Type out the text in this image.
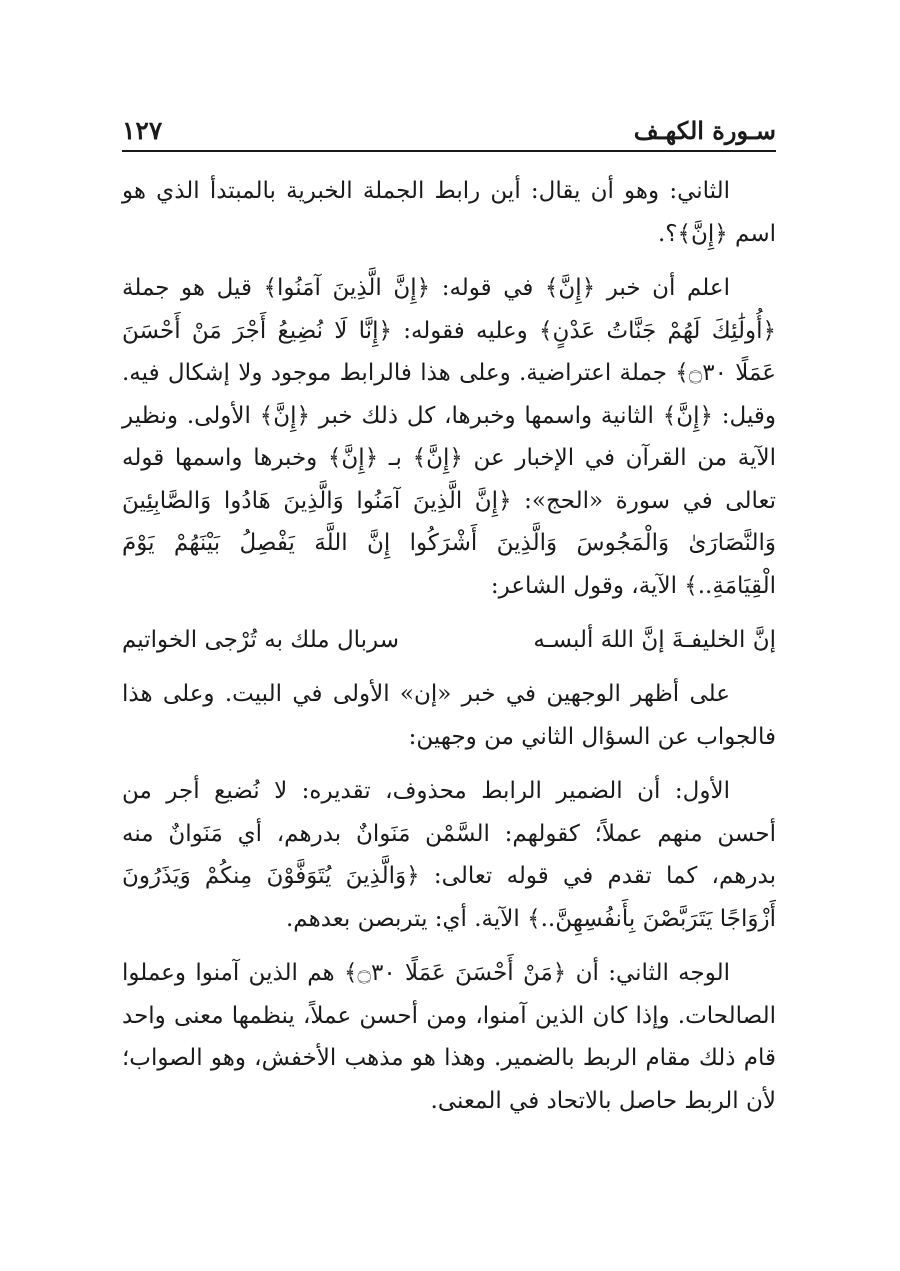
سـورة الكهـف
١٢٧

الثاني: وهو أن يقال: أين رابط الجملة الخبرية بالمبتدأ الذي هو اسم ﴿إِنَّ﴾؟.

اعلم أن خبر ﴿إِنَّ﴾ في قوله: ﴿إِنَّ الَّذِينَ آمَنُوا﴾ قيل هو جملة ﴿أُولَٰئِكَ لَهُمْ جَنَّاتُ عَدْنٍ﴾ وعليه فقوله: ﴿إِنَّا لَا نُضِيعُ أَجْرَ مَنْ أَحْسَنَ عَمَلًا ۝٣٠﴾ جملة اعتراضية. وعلى هذا فالرابط موجود ولا إشكال فيه. وقيل: ﴿إِنَّ﴾ الثانية واسمها وخبرها، كل ذلك خبر ﴿إِنَّ﴾ الأولى. ونظير الآية من القرآن في الإخبار عن ﴿إِنَّ﴾ بـ ﴿إِنَّ﴾ وخبرها واسمها قوله تعالى في سورة «الحج»: ﴿إِنَّ الَّذِينَ آمَنُوا وَالَّذِينَ هَادُوا وَالصَّابِئِينَ وَالنَّصَارَىٰ وَالْمَجُوسَ وَالَّذِينَ أَشْرَكُوا إِنَّ اللَّهَ يَفْصِلُ بَيْنَهُمْ يَوْمَ الْقِيَامَةِ..﴾ الآية، وقول الشاعر:

إنَّ الخليفـةَ إنَّ اللهَ ألبسـه
سربال ملك به تُرْجى الخواتيم

على أظهر الوجهين في خبر «إن» الأولى في البيت. وعلى هذا فالجواب عن السؤال الثاني من وجهين:

الأول: أن الضمير الرابط محذوف، تقديره: لا نُضيع أجر من أحسن منهم عملاً؛ كقولهم: السَّمْن مَنَوانٌ بدرهم، أي مَنَوانٌ منه بدرهم، كما تقدم في قوله تعالى: ﴿وَالَّذِينَ يُتَوَفَّوْنَ مِنكُمْ وَيَذَرُونَ أَزْوَاجًا يَتَرَبَّصْنَ بِأَنفُسِهِنَّ..﴾ الآية. أي: يتربصن بعدهم.

الوجه الثاني: أن ﴿مَنْ أَحْسَنَ عَمَلًا ۝٣٠﴾ هم الذين آمنوا وعملوا الصالحات. وإذا كان الذين آمنوا، ومن أحسن عملاً، ينظمها معنى واحد قام ذلك مقام الربط بالضمير. وهذا هو مذهب الأخفش، وهو الصواب؛ لأن الربط حاصل بالاتحاد في المعنى.
